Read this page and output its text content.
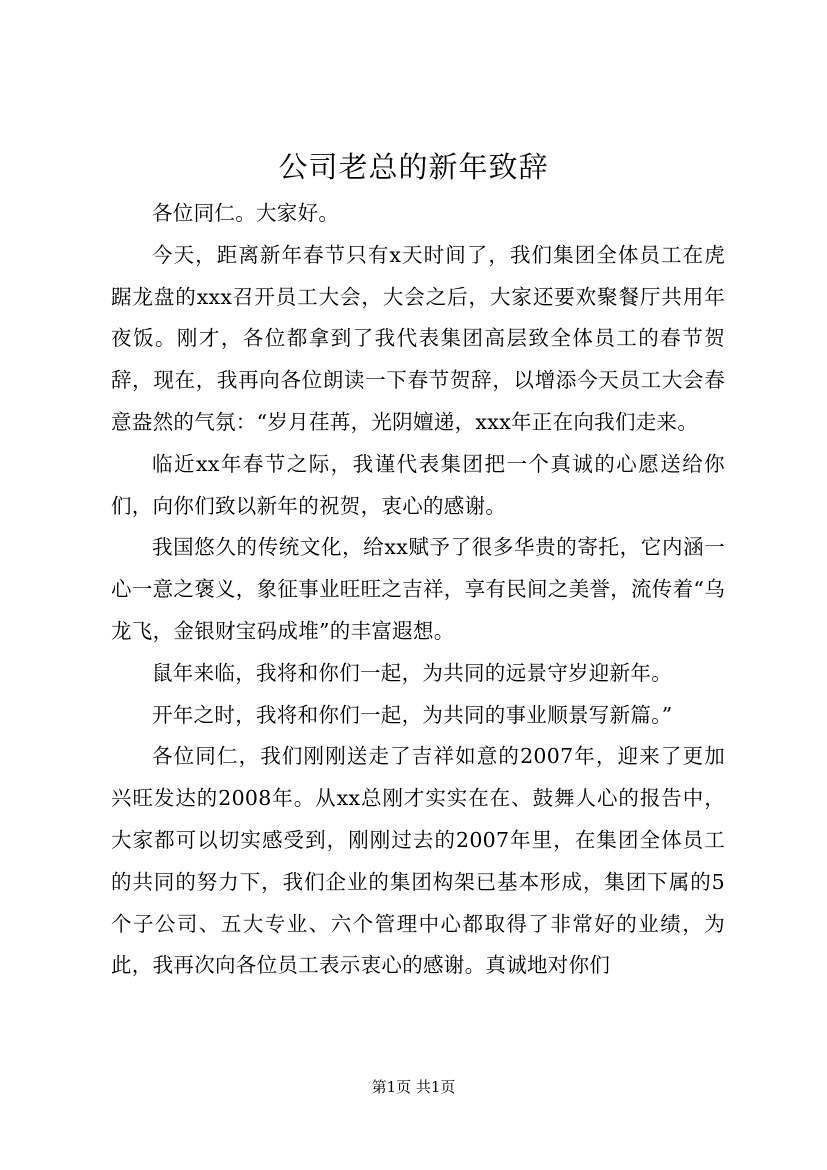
公司老总的新年致辞

各位同仁。大家好。

今天，距离新年春节只有x天时间了，我们集团全体员工在虎踞龙盘的xxx召开员工大会，大会之后，大家还要欢聚餐厅共用年夜饭。刚才，各位都拿到了我代表集团高层致全体员工的春节贺辞，现在，我再向各位朗读一下春节贺辞，以增添今天员工大会春意盎然的气氛：“岁月荏苒，光阴嬗递，xxx年正在向我们走来。

临近xx年春节之际，我谨代表集团把一个真诚的心愿送给你们，向你们致以新年的祝贺，衷心的感谢。

我国悠久的传统文化，给xx赋予了很多华贵的寄托，它内涵一心一意之褒义，象征事业旺旺之吉祥，享有民间之美誉，流传着“乌龙飞，金银财宝码成堆”的丰富遐想。

鼠年来临，我将和你们一起，为共同的远景守岁迎新年。

开年之时，我将和你们一起，为共同的事业顺景写新篇。”

各位同仁，我们刚刚送走了吉祥如意的2007年，迎来了更加兴旺发达的2008年。从xx总刚才实实在在、鼓舞人心的报告中，大家都可以切实感受到，刚刚过去的2007年里，在集团全体员工的共同的努力下，我们企业的集团构架已基本形成，集团下属的5个子公司、五大专业、六个管理中心都取得了非常好的业绩，为此，我再次向各位员工表示衷心的感谢。真诚地对你们

第1页 共1页
